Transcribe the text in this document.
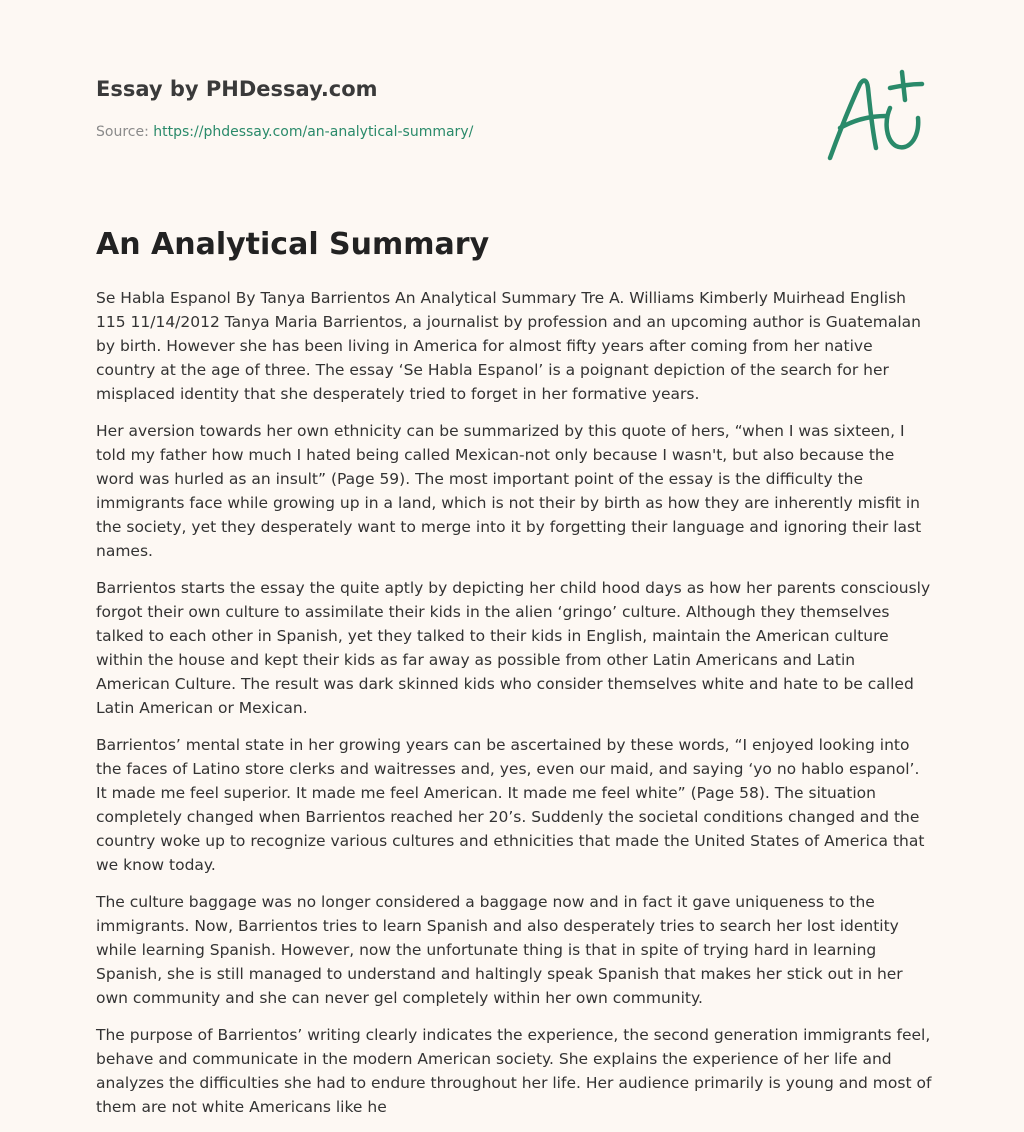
Essay by PHDessay.com
Source: https://phdessay.com/an-analytical-summary/
An Analytical Summary

Se Habla Espanol By Tanya Barrientos An Analytical Summary Tre A. Williams Kimberly Muirhead English 115 11/14/2012 Tanya Maria Barrientos, a journalist by profession and an upcoming author is Guatemalan by birth. However she has been living in America for almost fifty years after coming from her native country at the age of three. The essay ‘Se Habla Espanol’ is a poignant depiction of the search for her misplaced identity that she desperately tried to forget in her formative years.

Her aversion towards her own ethnicity can be summarized by this quote of hers, “when I was sixteen, I told my father how much I hated being called Mexican-not only because I wasn't, but also because the word was hurled as an insult” (Page 59). The most important point of the essay is the difficulty the immigrants face while growing up in a land, which is not their by birth as how they are inherently misfit in the society, yet they desperately want to merge into it by forgetting their language and ignoring their last names.

Barrientos starts the essay the quite aptly by depicting her child hood days as how her parents consciously forgot their own culture to assimilate their kids in the alien ‘gringo’ culture. Although they themselves talked to each other in Spanish, yet they talked to their kids in English, maintain the American culture within the house and kept their kids as far away as possible from other Latin Americans and Latin American Culture. The result was dark skinned kids who consider themselves white and hate to be called Latin American or Mexican.

Barrientos’ mental state in her growing years can be ascertained by these words, “I enjoyed looking into the faces of Latino store clerks and waitresses and, yes, even our maid, and saying ‘yo no hablo espanol’. It made me feel superior. It made me feel American. It made me feel white” (Page 58). The situation completely changed when Barrientos reached her 20’s. Suddenly the societal conditions changed and the country woke up to recognize various cultures and ethnicities that made the United States of America that we know today.

The culture baggage was no longer considered a baggage now and in fact it gave uniqueness to the immigrants. Now, Barrientos tries to learn Spanish and also desperately tries to search her lost identity while learning Spanish. However, now the unfortunate thing is that in spite of trying hard in learning Spanish, she is still managed to understand and haltingly speak Spanish that makes her stick out in her own community and she can never gel completely within her own community.

The purpose of Barrientos’ writing clearly indicates the experience, the second generation immigrants feel, behave and communicate in the modern American society. She explains the experience of her life and analyzes the difficulties she had to endure throughout her life. Her audience primarily is young and most of them are not white Americans like he
